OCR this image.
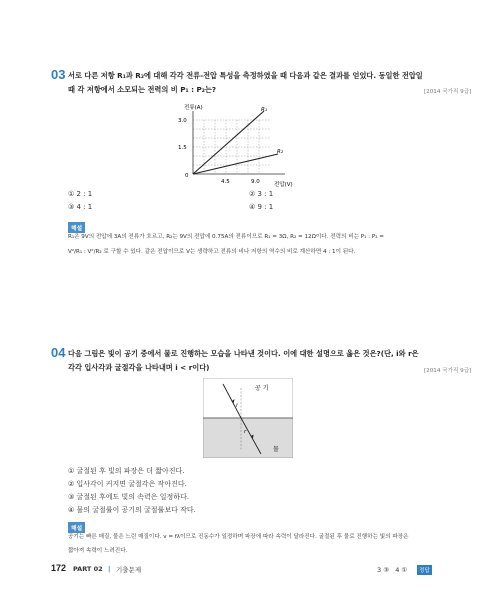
03 서로 다른 저항 R₁과 R₂에 대해 각각 전류-전압 특성을 측정하였을 때 다음과 같은 결과를 얻었다. 동일한 전압일
때 각 저항에서 소모되는 전력의 비 P₁ : P₂는?	[2014 국가직 9급]
전류(A)
전압(V)
3.0
1.5
0
4.5	9.0
R₁
R₂
① 2 : 1	② 3 : 1
③ 4 : 1	④ 9 : 1
해설
R₁은 9V의 전압에 3A의 전류가 흐르고, R₂는 9V의 전압에 0.75A의 전류이므로 R₁ = 3Ω, R₂ = 12Ω이다. 전력의 비는 P₁ : P₂ =
V²/R₁ : V²/R₂ 로 구할 수 있다. 같은 전압이므로 V는 생략하고 전류의 비나 저항의 역수의 비로 계산하면 4 : 1이 된다.
04 다음 그림은 빛이 공기 중에서 물로 진행하는 모습을 나타낸 것이다. 이에 대한 설명으로 옳은 것은?(단, i와 r은
각각 입사각과 굴절각을 나타내며 i < r이다)	[2014 국가직 9급]
공 기
물
i
r
① 굴절된 후 빛의 파장은 더 짧아진다.
② 입사각이 커지면 굴절각은 작아진다.
③ 굴절된 후에도 빛의 속력은 일정하다.
④ 물의 굴절률이 공기의 굴절률보다 작다.
해설
공기는 빠른 매질, 물은 느린 매질이다. v = fλ이므로 진동수가 일정하며 파장에 따라 속력이 달라진다. 굴절된 후 물로 진행하는 빛의 파장은
짧아져 속력이 느려진다.
172 PART 02 | 기출문제	3 ③   4 ①	정답
